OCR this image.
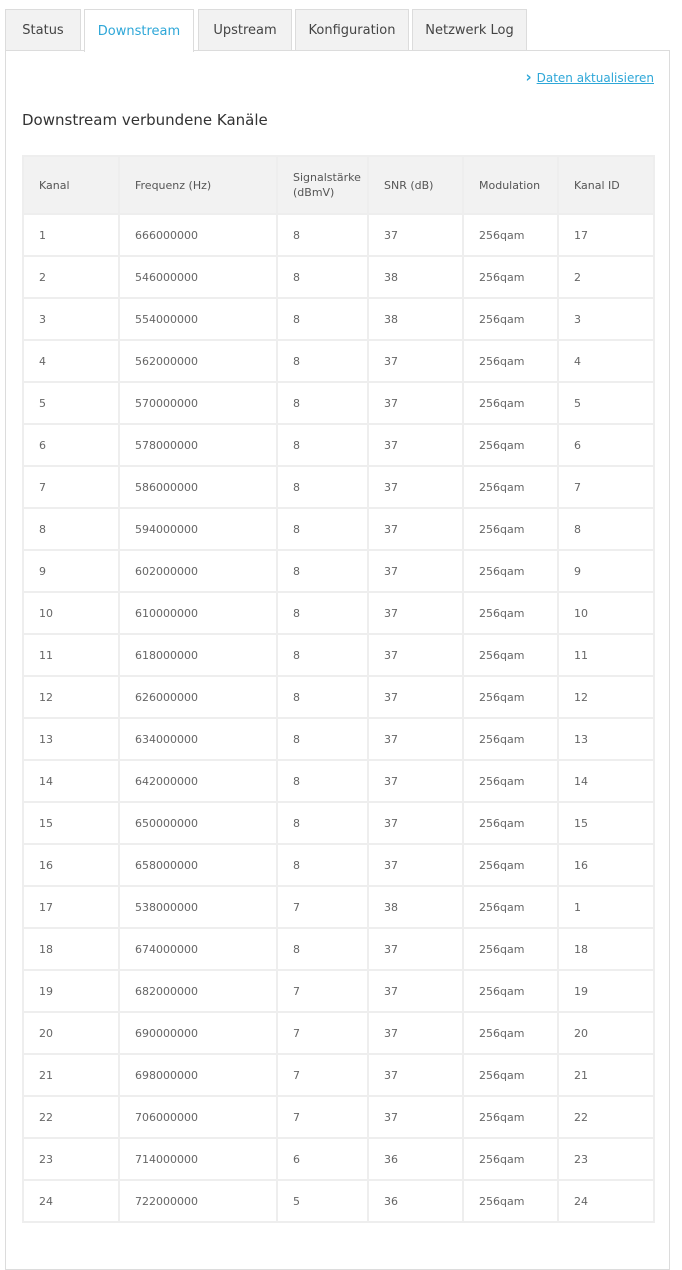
Status	Downstream	Upstream	Konfiguration	Netzwerk Log
› Daten aktualisieren
Downstream verbundene Kanäle
Kanal	Frequenz (Hz)	Signalstärke (dBmV)	SNR (dB)	Modulation	Kanal ID
1	666000000	8	37	256qam	17
2	546000000	8	38	256qam	2
3	554000000	8	38	256qam	3
4	562000000	8	37	256qam	4
5	570000000	8	37	256qam	5
6	578000000	8	37	256qam	6
7	586000000	8	37	256qam	7
8	594000000	8	37	256qam	8
9	602000000	8	37	256qam	9
10	610000000	8	37	256qam	10
11	618000000	8	37	256qam	11
12	626000000	8	37	256qam	12
13	634000000	8	37	256qam	13
14	642000000	8	37	256qam	14
15	650000000	8	37	256qam	15
16	658000000	8	37	256qam	16
17	538000000	7	38	256qam	1
18	674000000	8	37	256qam	18
19	682000000	7	37	256qam	19
20	690000000	7	37	256qam	20
21	698000000	7	37	256qam	21
22	706000000	7	37	256qam	22
23	714000000	6	36	256qam	23
24	722000000	5	36	256qam	24
